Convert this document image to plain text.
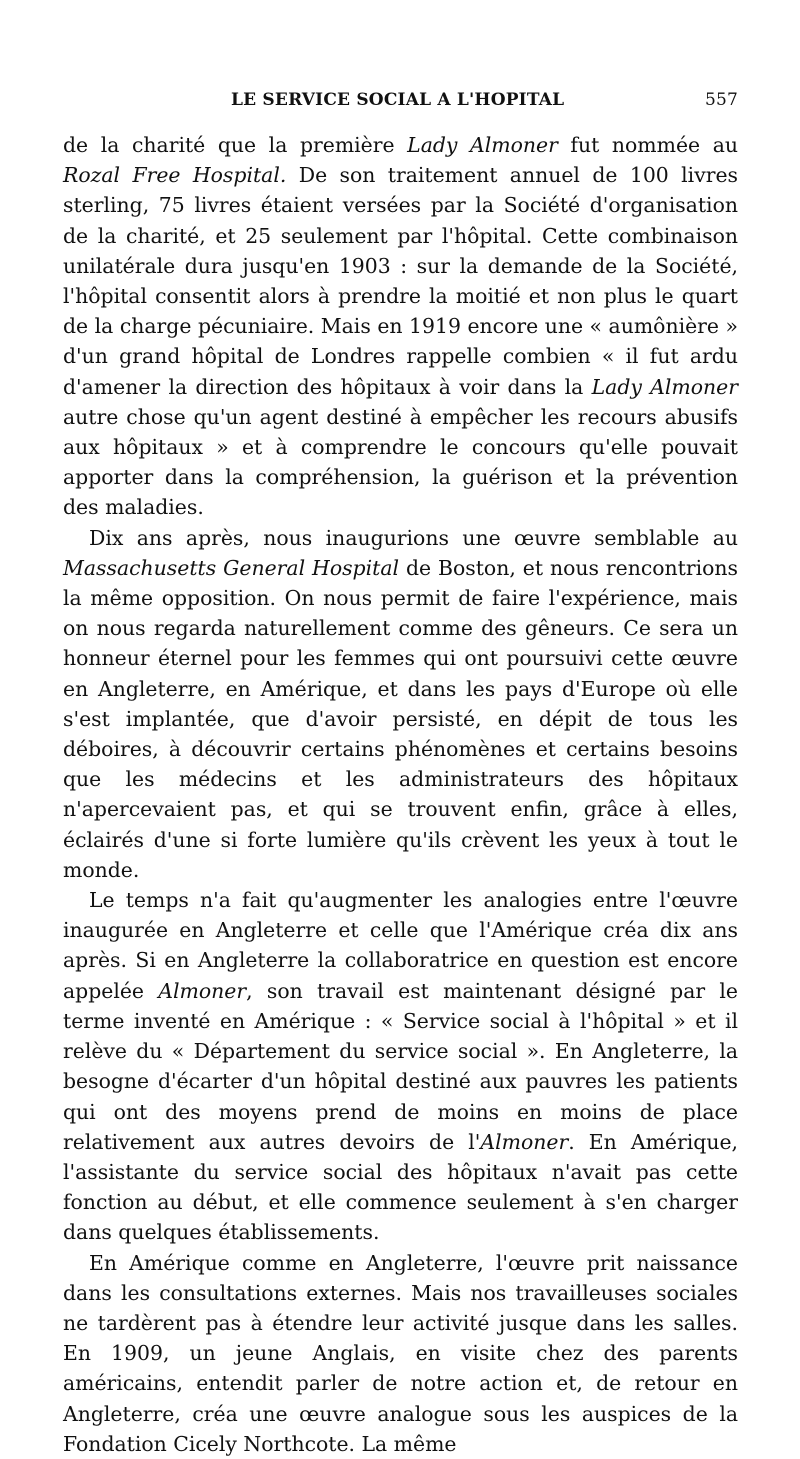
LE SERVICE SOCIAL A L'HOPITAL	557

de la charité que la première Lady Almoner fut nommée au Rozal Free Hospital. De son traitement annuel de 100 livres sterling, 75 livres étaient versées par la Société d'organisation de la charité, et 25 seulement par l'hôpital. Cette combinaison unilatérale dura jusqu'en 1903 : sur la demande de la Société, l'hôpital consentit alors à prendre la moitié et non plus le quart de la charge pécuniaire. Mais en 1919 encore une « aumônière » d'un grand hôpital de Londres rappelle combien « il fut ardu d'amener la direction des hôpitaux à voir dans la Lady Almoner autre chose qu'un agent destiné à empêcher les recours abusifs aux hôpitaux » et à comprendre le concours qu'elle pouvait apporter dans la compréhension, la guérison et la prévention des maladies.

Dix ans après, nous inaugurions une œuvre semblable au Massachusetts General Hospital de Boston, et nous rencontrions la même opposition. On nous permit de faire l'expérience, mais on nous regarda naturellement comme des gêneurs. Ce sera un honneur éternel pour les femmes qui ont poursuivi cette œuvre en Angleterre, en Amérique, et dans les pays d'Europe où elle s'est implantée, que d'avoir persisté, en dépit de tous les déboires, à découvrir certains phénomènes et certains besoins que les médecins et les administrateurs des hôpitaux n'apercevaient pas, et qui se trouvent enfin, grâce à elles, éclairés d'une si forte lumière qu'ils crèvent les yeux à tout le monde.

Le temps n'a fait qu'augmenter les analogies entre l'œuvre inaugurée en Angleterre et celle que l'Amérique créa dix ans après. Si en Angleterre la collaboratrice en question est encore appelée Almoner, son travail est maintenant désigné par le terme inventé en Amérique : « Service social à l'hôpital » et il relève du « Département du service social ». En Angleterre, la besogne d'écarter d'un hôpital destiné aux pauvres les patients qui ont des moyens prend de moins en moins de place relativement aux autres devoirs de l'Almoner. En Amérique, l'assistante du service social des hôpitaux n'avait pas cette fonction au début, et elle commence seulement à s'en charger dans quelques établissements.

En Amérique comme en Angleterre, l'œuvre prit naissance dans les consultations externes. Mais nos travailleuses sociales ne tardèrent pas à étendre leur activité jusque dans les salles. En 1909, un jeune Anglais, en visite chez des parents américains, entendit parler de notre action et, de retour en Angleterre, créa une œuvre analogue sous les auspices de la Fondation Cicely Northcote. La même
